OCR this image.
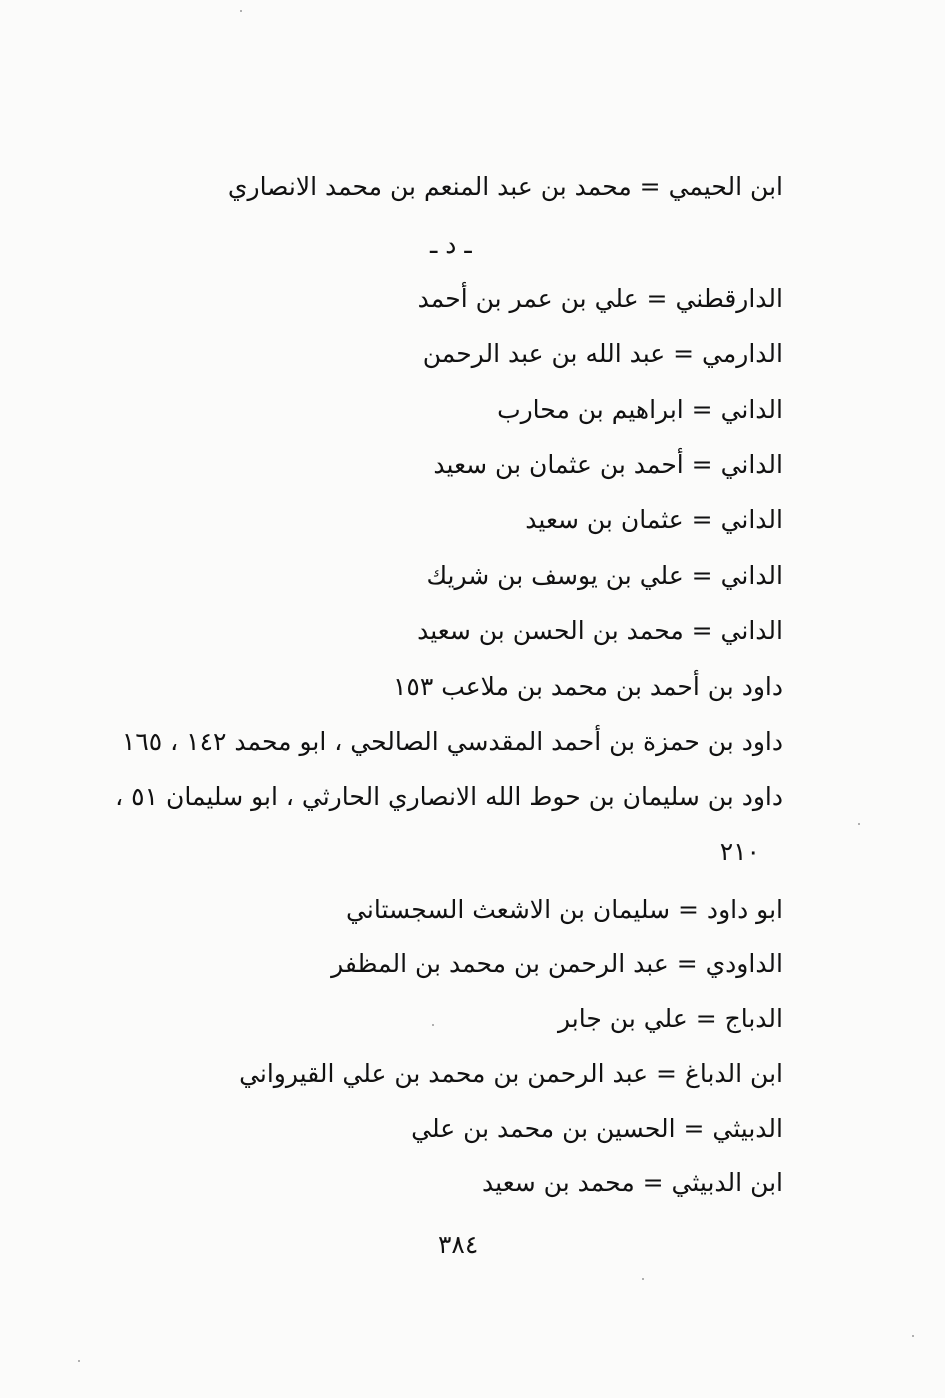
ابن الحيمي = محمد بن عبد المنعم بن محمد الانصاري
ـ د ـ
الدارقطني = علي بن عمر بن أحمد
الدارمي = عبد الله بن عبد الرحمن
الداني = ابراهيم بن محارب
الداني = أحمد بن عثمان بن سعيد
الداني = عثمان بن سعيد
الداني = علي بن يوسف بن شريك
الداني = محمد بن الحسن بن سعيد
داود بن أحمد بن محمد بن ملاعب ١٥٣
داود بن حمزة بن أحمد المقدسي الصالحي ، ابو محمد ١٤٢ ، ١٦٥
داود بن سليمان بن حوط الله الانصاري الحارثي ، ابو سليمان ٥١ ،
٢١٠
ابو داود = سليمان بن الاشعث السجستاني
الداودي = عبد الرحمن بن محمد بن المظفر
الدباج = علي بن جابر
ابن الدباغ = عبد الرحمن بن محمد بن علي القيرواني
الدبيثي = الحسين بن محمد بن علي
ابن الدبيثي = محمد بن سعيد
٣٨٤
